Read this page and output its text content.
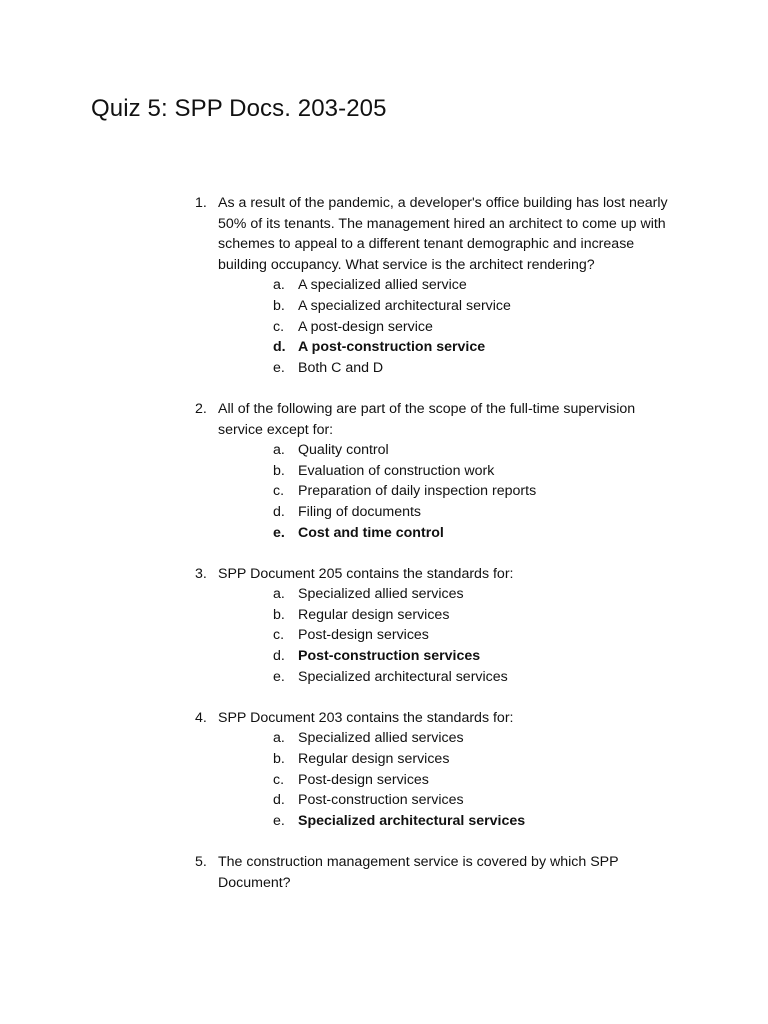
Quiz 5: SPP Docs. 203-205
1. As a result of the pandemic, a developer's office building has lost nearly 50% of its tenants. The management hired an architect to come up with schemes to appeal to a different tenant demographic and increase building occupancy. What service is the architect rendering?
a. A specialized allied service
b. A specialized architectural service
c. A post-design service
d. A post-construction service
e. Both C and D
2. All of the following are part of the scope of the full-time supervision service except for:
a. Quality control
b. Evaluation of construction work
c. Preparation of daily inspection reports
d. Filing of documents
e. Cost and time control
3. SPP Document 205 contains the standards for:
a. Specialized allied services
b. Regular design services
c. Post-design services
d. Post-construction services
e. Specialized architectural services
4. SPP Document 203 contains the standards for:
a. Specialized allied services
b. Regular design services
c. Post-design services
d. Post-construction services
e. Specialized architectural services
5. The construction management service is covered by which SPP Document?
